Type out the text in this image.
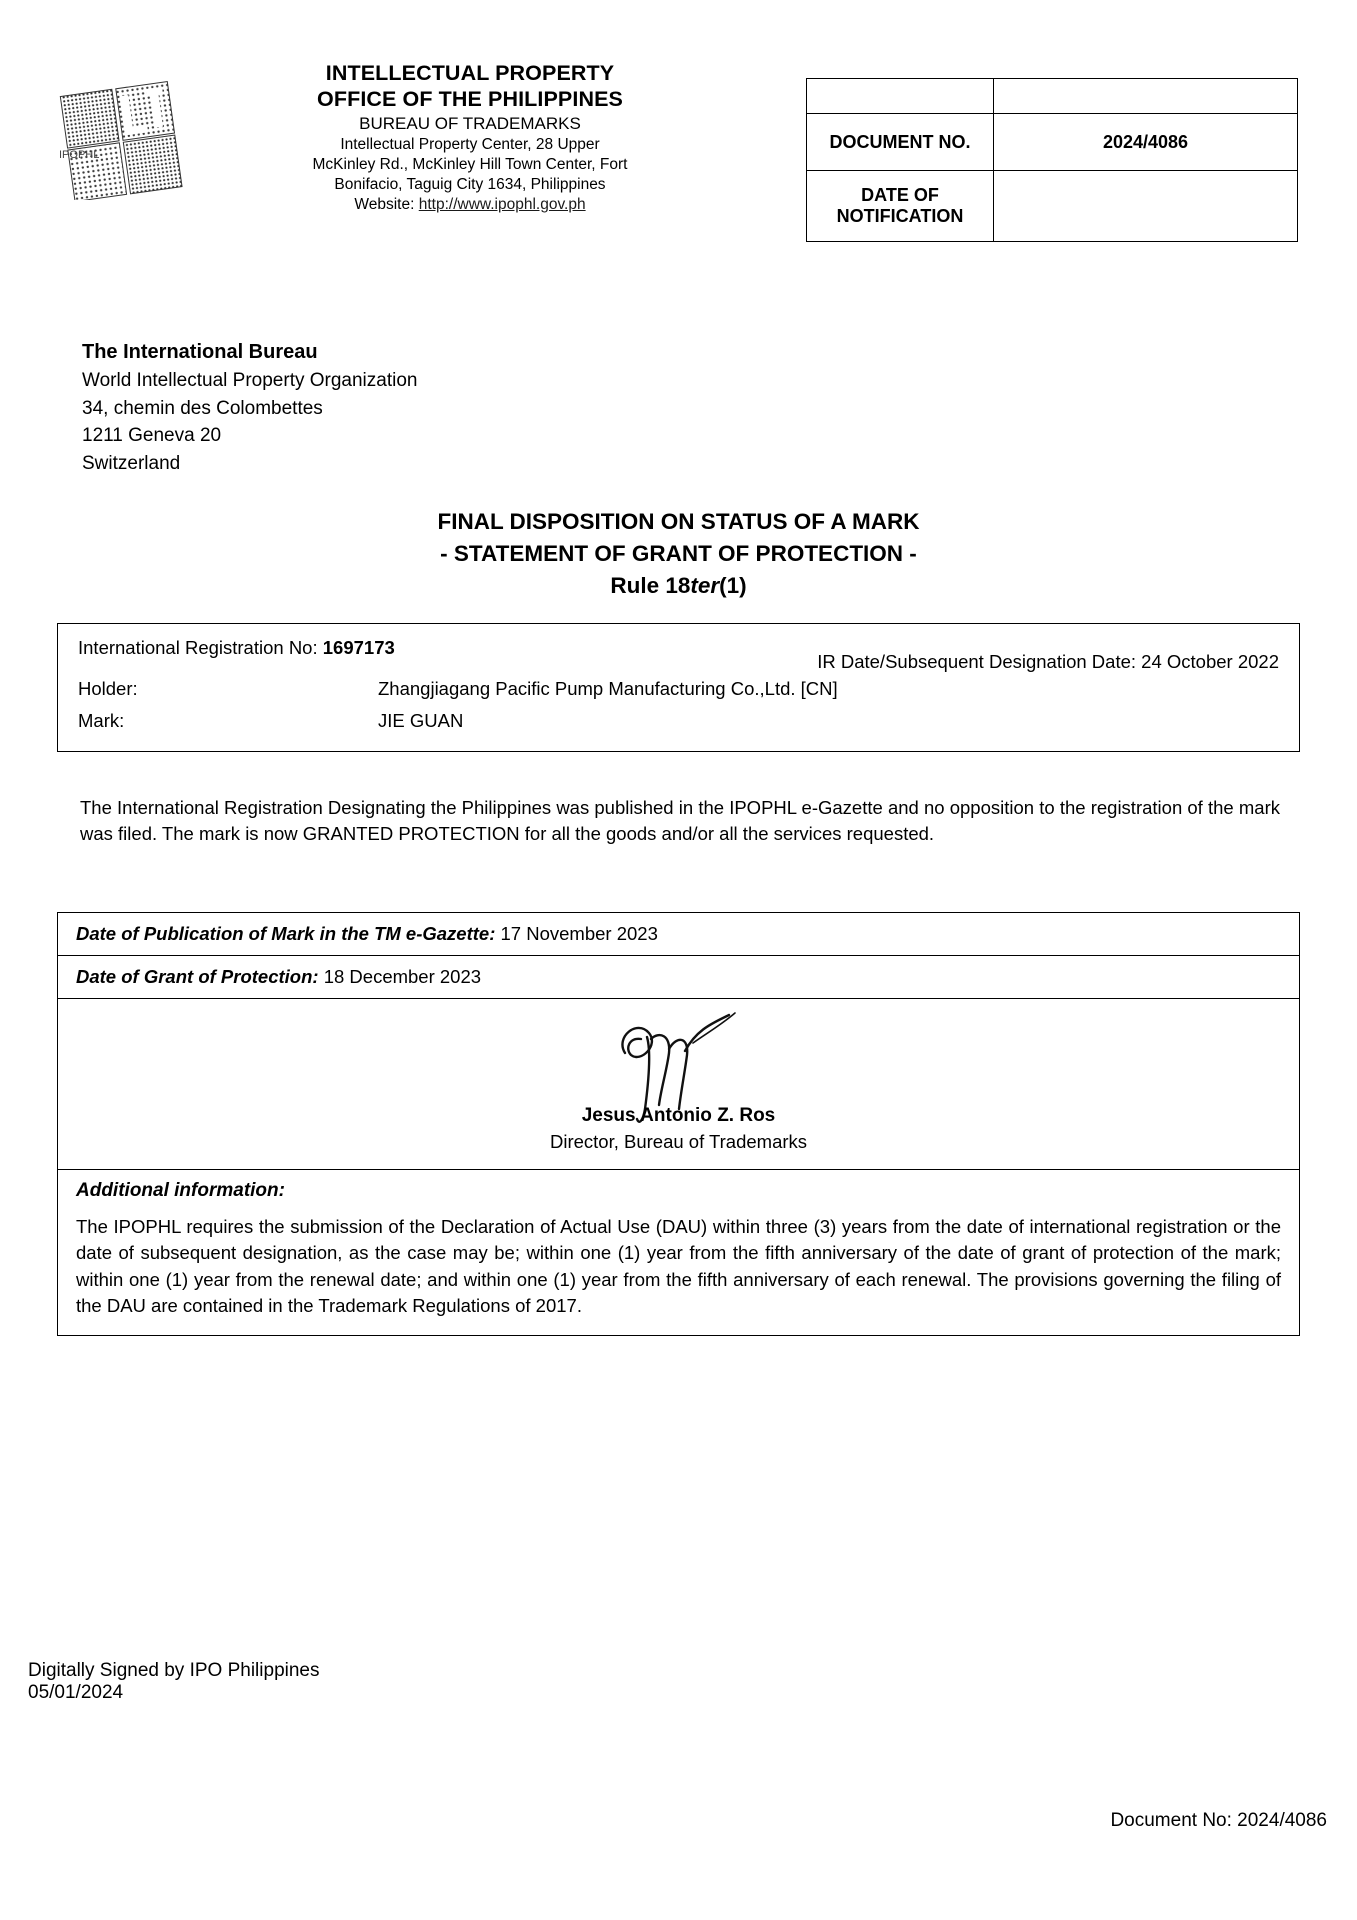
IPOPHL
INTELLECTUAL PROPERTY
OFFICE OF THE PHILIPPINES
BUREAU OF TRADEMARKS
Intellectual Property Center, 28 Upper
McKinley Rd., McKinley Hill Town Center, Fort
Bonifacio, Taguig City 1634, Philippines
Website: http://www.ipophl.gov.ph

DOCUMENT NO.	2024/4086
DATE OF NOTIFICATION	
The International Bureau
World Intellectual Property Organization
34, chemin des Colombettes
1211 Geneva 20
Switzerland
FINAL DISPOSITION ON STATUS OF A MARK
- STATEMENT OF GRANT OF PROTECTION -
Rule 18ter(1)
International Registration No: 1697173
IR Date/Subsequent Designation Date: 24 October 2022
Holder:	Zhangjiagang Pacific Pump Manufacturing Co.,Ltd. [CN]
Mark:	JIE GUAN
The International Registration Designating the Philippines was published in the IPOPHL e-Gazette and no opposition to the registration of the mark was filed. The mark is now GRANTED PROTECTION for all the goods and/or all the services requested.
Date of Publication of Mark in the TM e-Gazette: 17 November 2023
Date of Grant of Protection: 18 December 2023
Jesus Antonio Z. Ros
Director, Bureau of Trademarks
Additional information:
The IPOPHL requires the submission of the Declaration of Actual Use (DAU) within three (3) years from the date of international registration or the date of subsequent designation, as the case may be; within one (1) year from the fifth anniversary of the date of grant of protection of the mark; within one (1) year from the renewal date; and within one (1) year from the fifth anniversary of each renewal. The provisions governing the filing of the DAU are contained in the Trademark Regulations of 2017.
Digitally Signed by IPO Philippines
05/01/2024
Document No: 2024/4086
